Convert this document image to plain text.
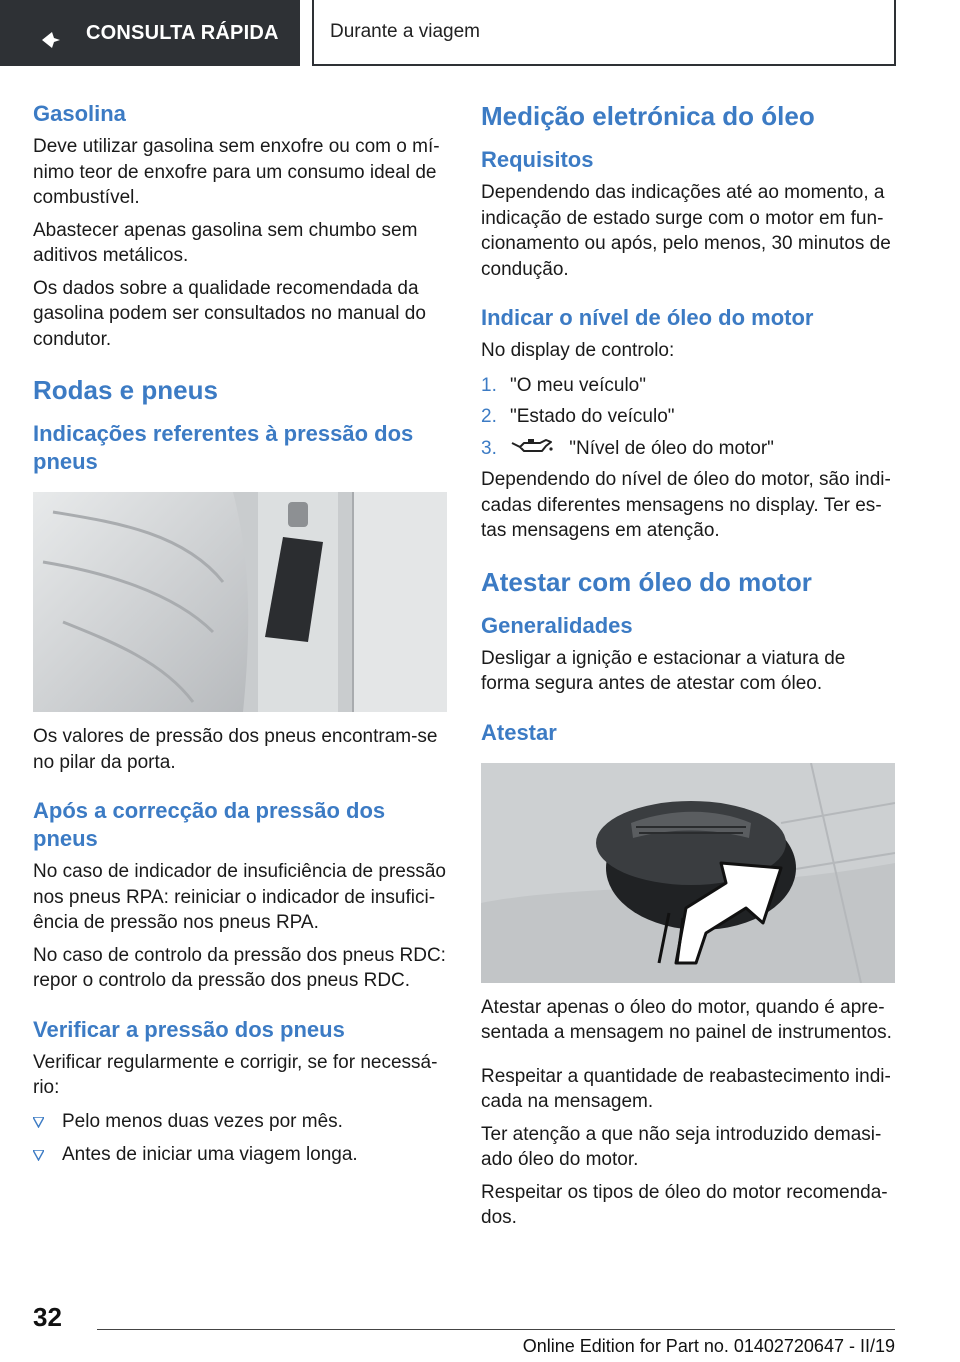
CONSULTA RÁPIDA	Durante a viagem
Gasolina

Deve utilizar gasolina sem enxofre ou com o mínimo teor de enxofre para um consumo ideal de combustível.

Abastecer apenas gasolina sem chumbo sem aditivos metálicos.

Os dados sobre a qualidade recomendada da gasolina podem ser consultados no manual do condutor.

Rodas e pneus
Indicações referentes à pressão dos pneus

Os valores de pressão dos pneus encontram-se no pilar da porta.

Após a correcção da pressão dos pneus

No caso de indicador de insuficiência de pressão nos pneus RPA: reiniciar o indicador de insuficiência de pressão nos pneus RPA.

No caso de controlo da pressão dos pneus RDC: repor o controlo da pressão dos pneus RDC.

Verificar a pressão dos pneus

Verificar regularmente e corrigir, se for necessário:

Pelo menos duas vezes por mês.
Antes de iniciar uma viagem longa.
Medição eletrónica do óleo
Requisitos

Dependendo das indicações até ao momento, a indicação de estado surge com o motor em funcionamento ou após, pelo menos, 30 minutos de condução.

Indicar o nível de óleo do motor

No display de controlo:

1. "O meu veículo"
2. "Estado do veículo"
3.	"Nível de óleo do motor"

Dependendo do nível de óleo do motor, são indicadas diferentes mensagens no display. Ter estas mensagens em atenção.

Atestar com óleo do motor
Generalidades

Desligar a ignição e estacionar a viatura de forma segura antes de atestar com óleo.

Atestar

Atestar apenas o óleo do motor, quando é apresentada a mensagem no painel de instrumentos.

Respeitar a quantidade de reabastecimento indicada na mensagem.

Ter atenção a que não seja introduzido demasiado óleo do motor.

Respeitar os tipos de óleo do motor recomendados.

32
Online Edition for Part no. 01402720647 - II/19
